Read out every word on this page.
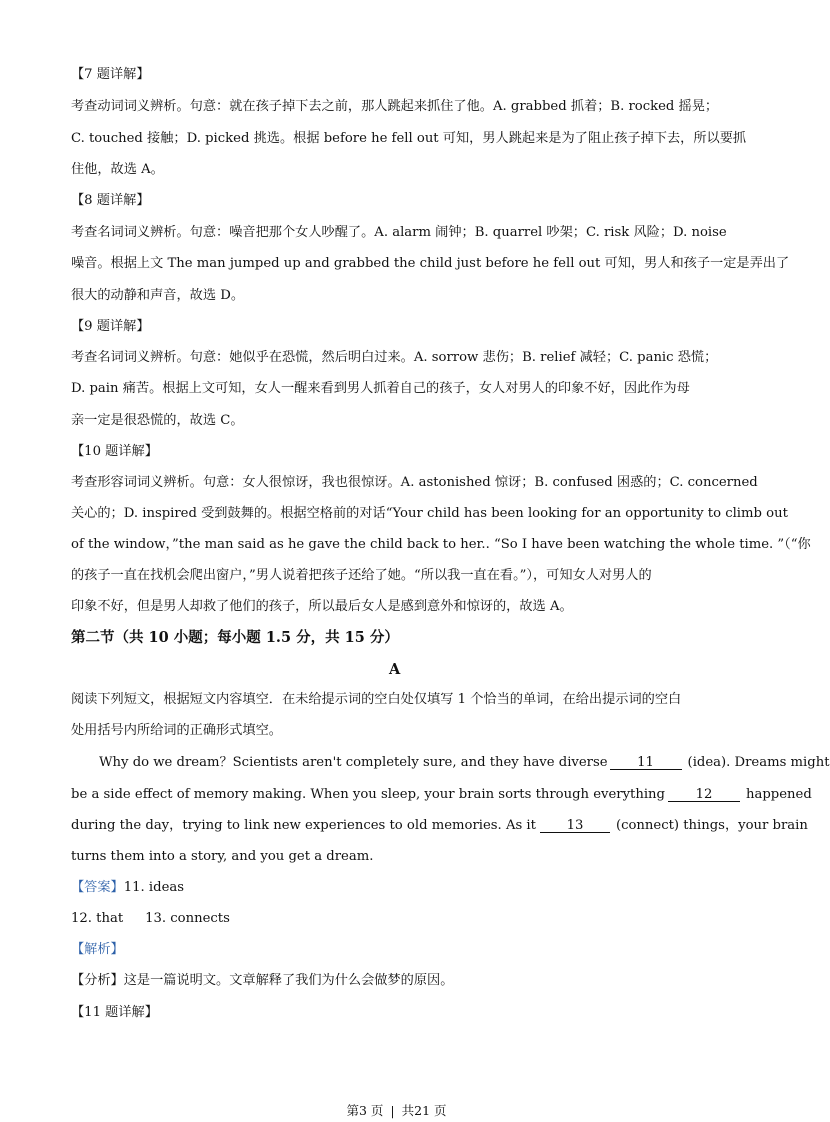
【7 题详解】
考查动词词义辨析。句意：就在孩子掉下去之前，那人跳起来抓住了他。A. grabbed 抓着；B. rocked 摇晃；
C. touched 接触；D. picked 挑选。根据 before he fell out 可知，男人跳起来是为了阻止孩子掉下去，所以要抓
住他，故选 A。
【8 题详解】
考查名词词义辨析。句意：噪音把那个女人吵醒了。A. alarm 闹钟；B. quarrel 吵架；C. risk 风险；D. noise
噪音。根据上文 The man jumped up and grabbed the child just before he fell out 可知，男人和孩子一定是弄出了
很大的动静和声音，故选 D。
【9 题详解】
考查名词词义辨析。句意：她似乎在恐慌，然后明白过来。A. sorrow 悲伤；B. relief 减轻；C. panic 恐慌；
D. pain 痛苦。根据上文可知，女人一醒来看到男人抓着自己的孩子，女人对男人的印象不好，因此作为母
亲一定是很恐慌的，故选 C。
【10 题详解】
考查形容词词义辨析。句意：女人很惊讶，我也很惊讶。A. astonished 惊讶；B. confused 困惑的；C. concerned
关心的；D. inspired 受到鼓舞的。根据空格前的对话“Your child has been looking for an opportunity to climb out
of the window，”the man said as he gave the child back to her.. “So I have been watching the whole time. ”（“你
的孩子一直在找机会爬出窗户，”男人说着把孩子还给了她。“所以我一直在看。”），可知女人对男人的
印象不好，但是男人却救了他们的孩子，所以最后女人是感到意外和惊讶的，故选 A。
第二节（共 10 小题；每小题 1.5 分，共 15 分）
A
阅读下列短文，根据短文内容填空．在未给提示词的空白处仅填写 1 个恰当的单词，在给出提示词的空白
处用括号内所给词的正确形式填空。
Why do we dream？Scientists aren't completely sure, and they have diverse 11	(idea). Dreams might
be a side effect of memory making. When you sleep, your brain sorts through everything 12	happened
during the day，trying to link new experiences to old memories. As it 13 (connect) things，your brain
turns them into a story, and you get a dream.
【答案】11. ideas
12. that 13. connects
【解析】
【分析】这是一篇说明文。文章解释了我们为什么会做梦的原因。
【11 题详解】
第3 页 | 共21 页
